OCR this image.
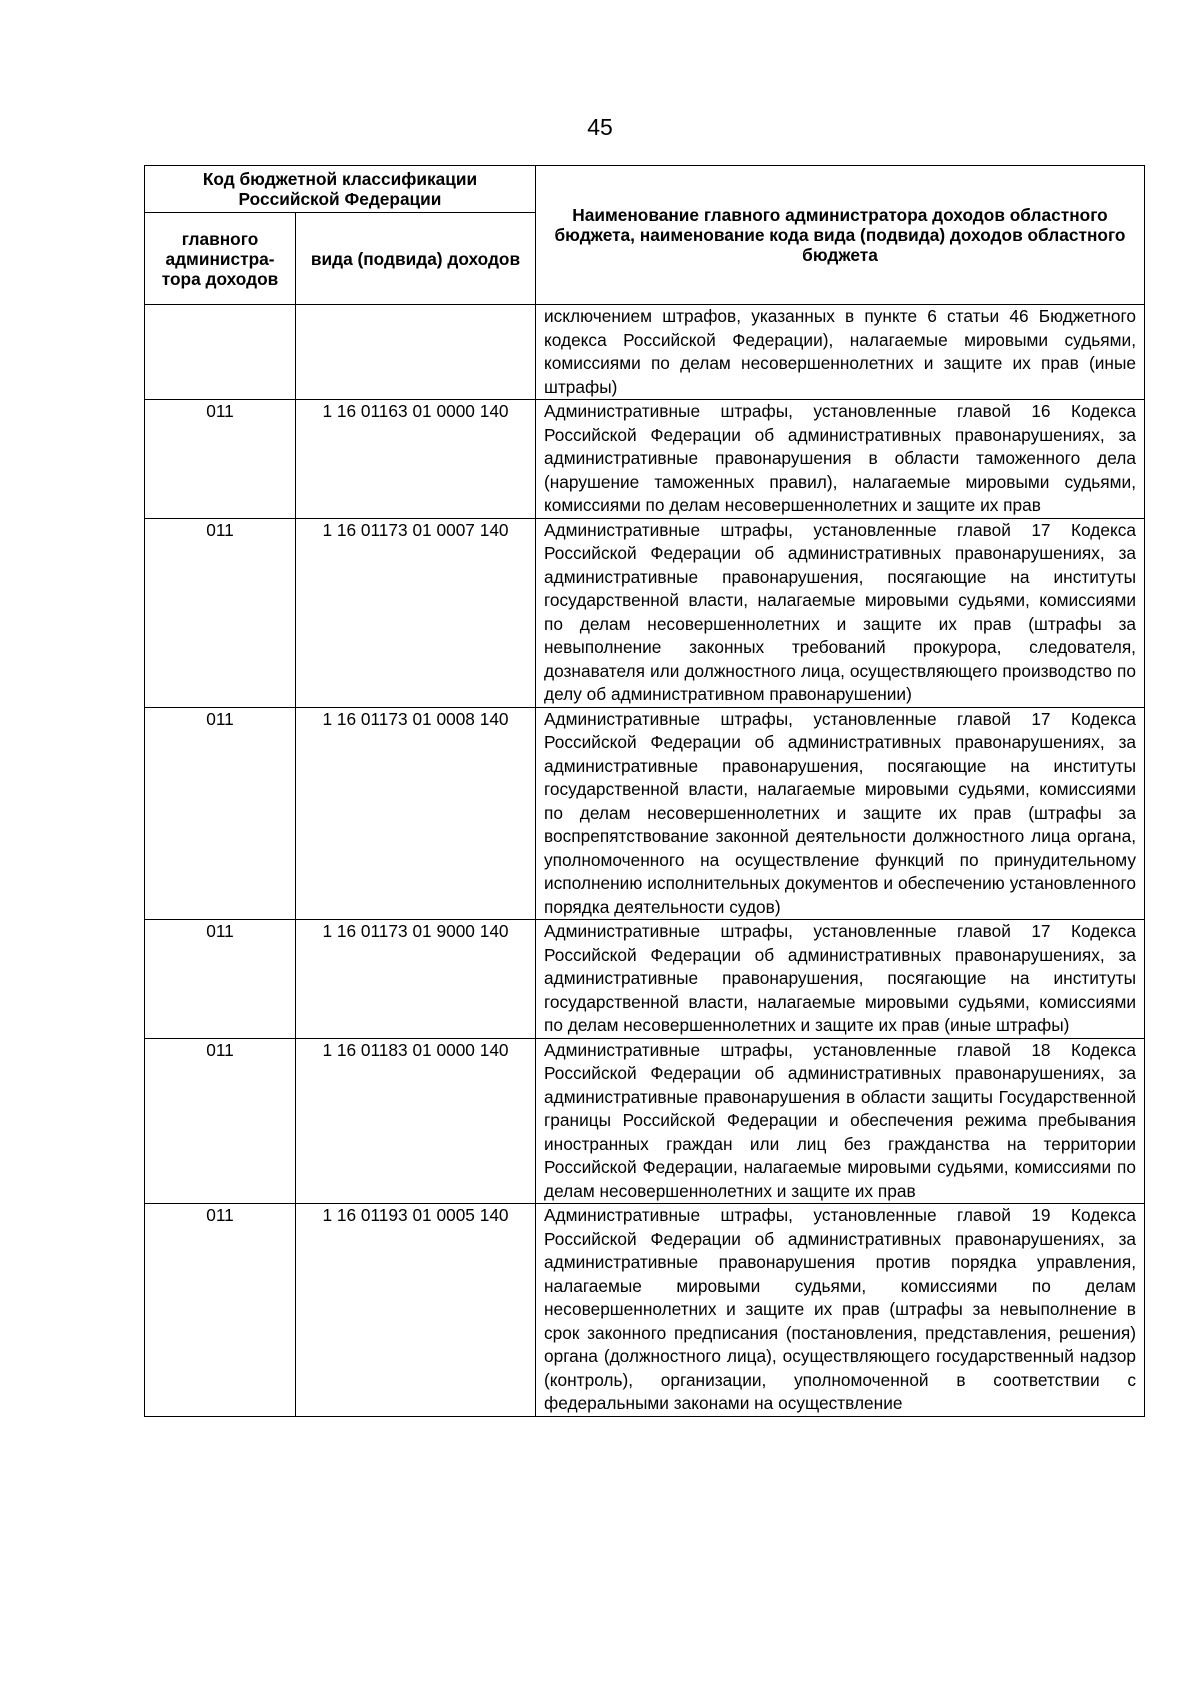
45
Код бюджетной классификации Российской Федерации		Наименование главного администратора доходов областного бюджета, наименование кода вида (подвида) доходов областного бюджета
главного администра-тора доходов	вида (подвида) доходов	
		исключением штрафов, указанных в пункте 6 статьи 46 Бюджетного кодекса Российской Федерации), налагаемые мировыми судьями, комиссиями по делам несовершеннолетних и защите их прав (иные штрафы)
011	1 16 01163 01 0000 140	Административные штрафы, установленные главой 16 Кодекса Российской Федерации об административных правонарушениях, за административные правонарушения в области таможенного дела (нарушение таможенных правил), налагаемые мировыми судьями, комиссиями по делам несовершеннолетних и защите их прав
011	1 16 01173 01 0007 140	Административные штрафы, установленные главой 17 Кодекса Российской Федерации об административных правонарушениях, за административные правонарушения, посягающие на институты государственной власти, налагаемые мировыми судьями, комиссиями по делам несовершеннолетних и защите их прав (штрафы за невыполнение законных требований прокурора, следователя, дознавателя или должностного лица, осуществляющего производство по делу об административном правонарушении)
011	1 16 01173 01 0008 140	Административные штрафы, установленные главой 17 Кодекса Российской Федерации об административных правонарушениях, за административные правонарушения, посягающие на институты государственной власти, налагаемые мировыми судьями, комиссиями по делам несовершеннолетних и защите их прав (штрафы за воспрепятствование законной деятельности должностного лица органа, уполномоченного на осуществление функций по принудительному исполнению исполнительных документов и обеспечению установленного порядка деятельности судов)
011	1 16 01173 01 9000 140	Административные штрафы, установленные главой 17 Кодекса Российской Федерации об административных правонарушениях, за административные правонарушения, посягающие на институты государственной власти, налагаемые мировыми судьями, комиссиями по делам несовершеннолетних и защите их прав (иные штрафы)
011	1 16 01183 01 0000 140	Административные штрафы, установленные главой 18 Кодекса Российской Федерации об административных правонарушениях, за административные правонарушения в области защиты Государственной границы Российской Федерации и обеспечения режима пребывания иностранных граждан или лиц без гражданства на территории Российской Федерации, налагаемые мировыми судьями, комиссиями по делам несовершеннолетних и защите их прав
011	1 16 01193 01 0005 140	Административные штрафы, установленные главой 19 Кодекса Российской Федерации об административных правонарушениях, за административные правонарушения против порядка управления, налагаемые мировыми судьями, комиссиями по делам несовершеннолетних и защите их прав (штрафы за невыполнение в срок законного предписания (постановления, представления, решения) органа (должностного лица), осуществляющего государственный надзор (контроль), организации, уполномоченной в соответствии с федеральными законами на осуществление
